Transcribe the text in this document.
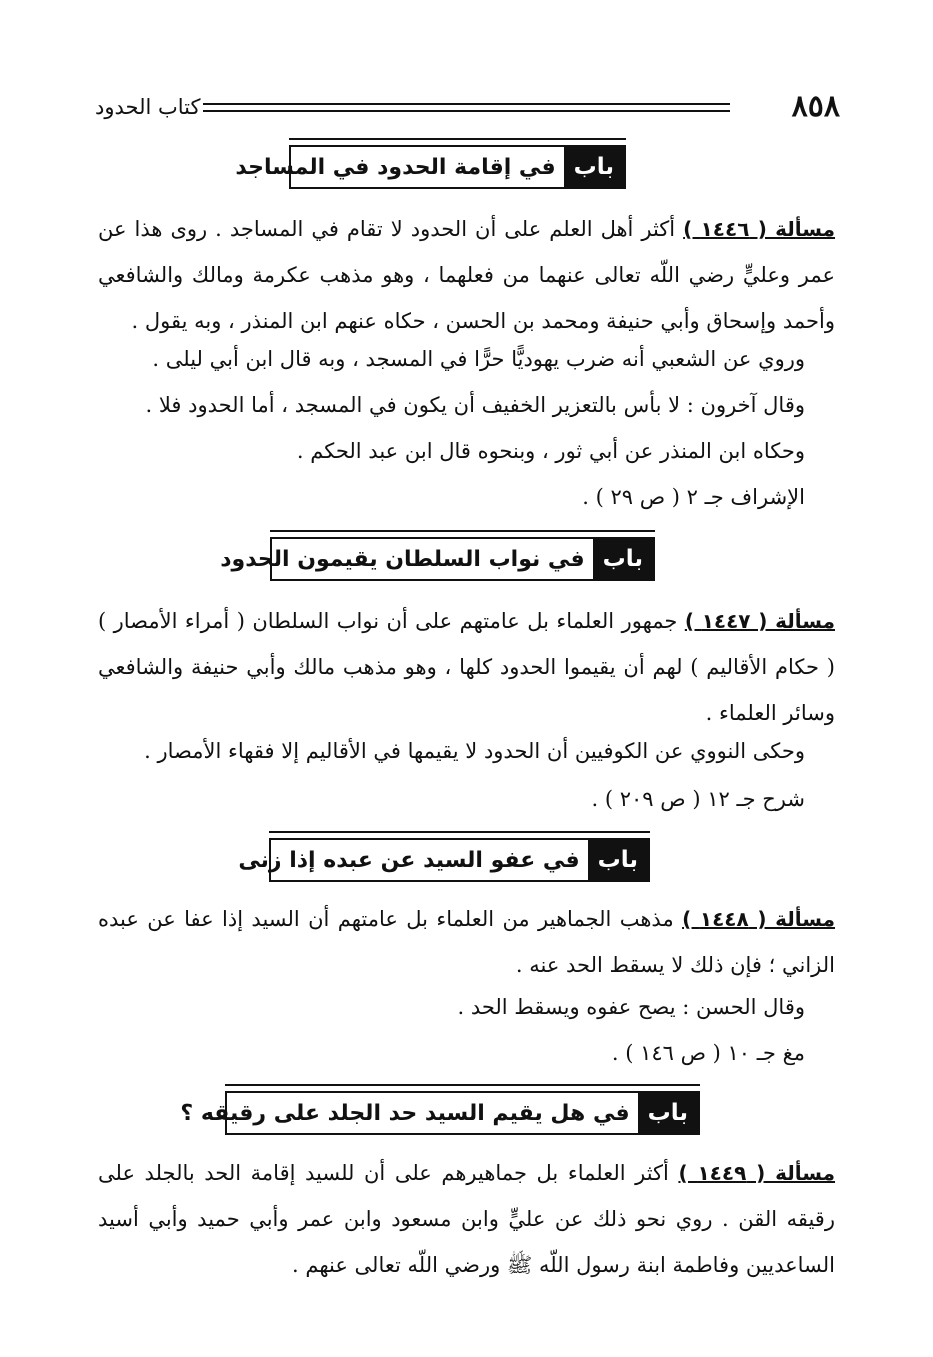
٨٥٨
كتاب الحدود
باب
في إقامة الحدود في المساجد

مسألة ( ١٤٤٦ ) أكثر أهل العلم على أن الحدود لا تقام في المساجد . روى هذا عن عمر وعليٍّ رضي اللّه تعالى عنهما من فعلهما ، وهو مذهب عكرمة ومالك والشافعي وأحمد وإسحاق وأبي حنيفة ومحمد بن الحسن ، حكاه عنهم ابن المنذر ، وبه يقول .

وروي عن الشعبي أنه ضرب يهوديًّا حرًّا في المسجد ، وبه قال ابن أبي ليلى .

وقال آخرون : لا بأس بالتعزير الخفيف أن يكون في المسجد ، أما الحدود فلا .

وحكاه ابن المنذر عن أبي ثور ، وبنحوه قال ابن عبد الحكم .

الإشراف جـ ٢ ( ص ٢٩ ) .

باب
في نواب السلطان يقيمون الحدود

مسألة ( ١٤٤٧ ) جمهور العلماء بل عامتهم على أن نواب السلطان ( أمراء الأمصار ) ( حكام الأقاليم ) لهم أن يقيموا الحدود كلها ، وهو مذهب مالك وأبي حنيفة والشافعي وسائر العلماء .

وحكى النووي عن الكوفيين أن الحدود لا يقيمها في الأقاليم إلا فقهاء الأمصار .

شرح جـ ١٢ ( ص ٢٠٩ ) .

باب
في عفو السيد عن عبده إذا زنى

مسألة ( ١٤٤٨ ) مذهب الجماهير من العلماء بل عامتهم أن السيد إذا عفا عن عبده الزاني ؛ فإن ذلك لا يسقط الحد عنه .

وقال الحسن : يصح عفوه ويسقط الحد .

مغ جـ ١٠ ( ص ١٤٦ ) .

باب
في هل يقيم السيد حد الجلد على رقيقه ؟

مسألة ( ١٤٤٩ ) أكثر العلماء بل جماهيرهم على أن للسيد إقامة الحد بالجلد على رقيقه القن . روي نحو ذلك عن عليٍّ وابن مسعود وابن عمر وأبي حميد وأبي أسيد الساعديين وفاطمة ابنة رسول اللّه ﷺ ورضي اللّه تعالى عنهم .
